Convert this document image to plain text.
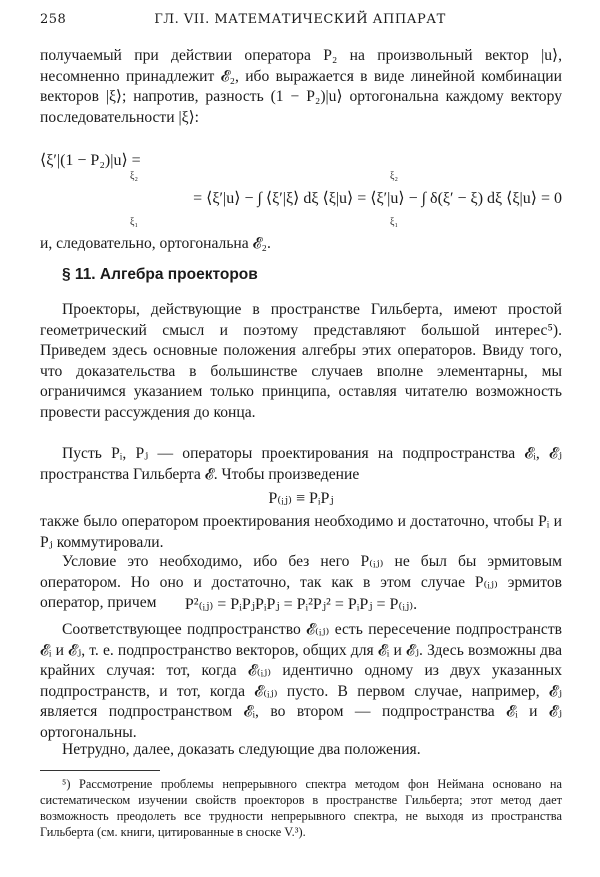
258	ГЛ. VII. МАТЕМАТИЧЕСКИЙ АППАРАТ

получаемый при действии оператора P₂ на произвольный вектор |u⟩, несомненно принадлежит 𝓔₂, ибо выражается в виде линейной комбинации векторов |ξ⟩; напротив, разность (1 − P₂)|u⟩ ортогональна каждому вектору последовательности |ξ⟩:

⟨ξ′|(1 − P₂)|u⟩ =
= ⟨ξ′|u⟩ − ∫ ⟨ξ′|ξ⟩ dξ ⟨ξ|u⟩ = ⟨ξ′|u⟩ − ∫ δ(ξ′ − ξ) dξ ⟨ξ|u⟩ = 0
ξ₂
ξ₁
ξ₂
ξ₁

и, следовательно, ортогональна 𝓔₂.

§ 11. Алгебра проекторов

Проекторы, действующие в пространстве Гильберта, имеют простой геометрический смысл и поэтому представляют большой интерес⁵). Приведем здесь основные положения алгебры этих операторов. Ввиду того, что доказательства в большинстве случаев вполне элементарны, мы ограничимся указанием только принципа, оставляя читателю возможность провести рассуждения до конца.

Пусть Pᵢ, Pⱼ — операторы проектирования на подпространства 𝓔ᵢ, 𝓔ⱼ пространства Гильберта 𝓔. Чтобы произведение

P₍ᵢⱼ₎ ≡ PᵢPⱼ

также было оператором проектирования необходимо и достаточно, чтобы Pᵢ и Pⱼ коммутировали.

Условие это необходимо, ибо без него P₍ᵢⱼ₎ не был бы эрмитовым оператором. Но оно и достаточно, так как в этом случае P₍ᵢⱼ₎ эрмитов оператор, причем	P²₍ᵢⱼ₎ = PᵢPⱼPᵢPⱼ = Pᵢ²Pⱼ² = PᵢPⱼ = P₍ᵢⱼ₎.

Соответствующее подпространство 𝓔₍ᵢⱼ₎ есть пересечение подпространств 𝓔ᵢ и 𝓔ⱼ, т. е. подпространство векторов, общих для 𝓔ᵢ и 𝓔ⱼ. Здесь возможны два крайних случая: тот, когда 𝓔₍ᵢⱼ₎ идентично одному из двух указанных подпространств, и тот, когда 𝓔₍ᵢⱼ₎ пусто. В первом случае, например, 𝓔ⱼ является подпространством 𝓔ᵢ, во втором — подпространства 𝓔ᵢ и 𝓔ⱼ ортогональны.

Нетрудно, далее, доказать следующие два положения.

⁵) Рассмотрение проблемы непрерывного спектра методом фон Неймана основано на систематическом изучении свойств проекторов в пространстве Гильберта; этот метод дает возможность преодолеть все трудности непрерывного спектра, не выходя из пространства Гильберта (см. книги, цитированные в сноске V.³).
